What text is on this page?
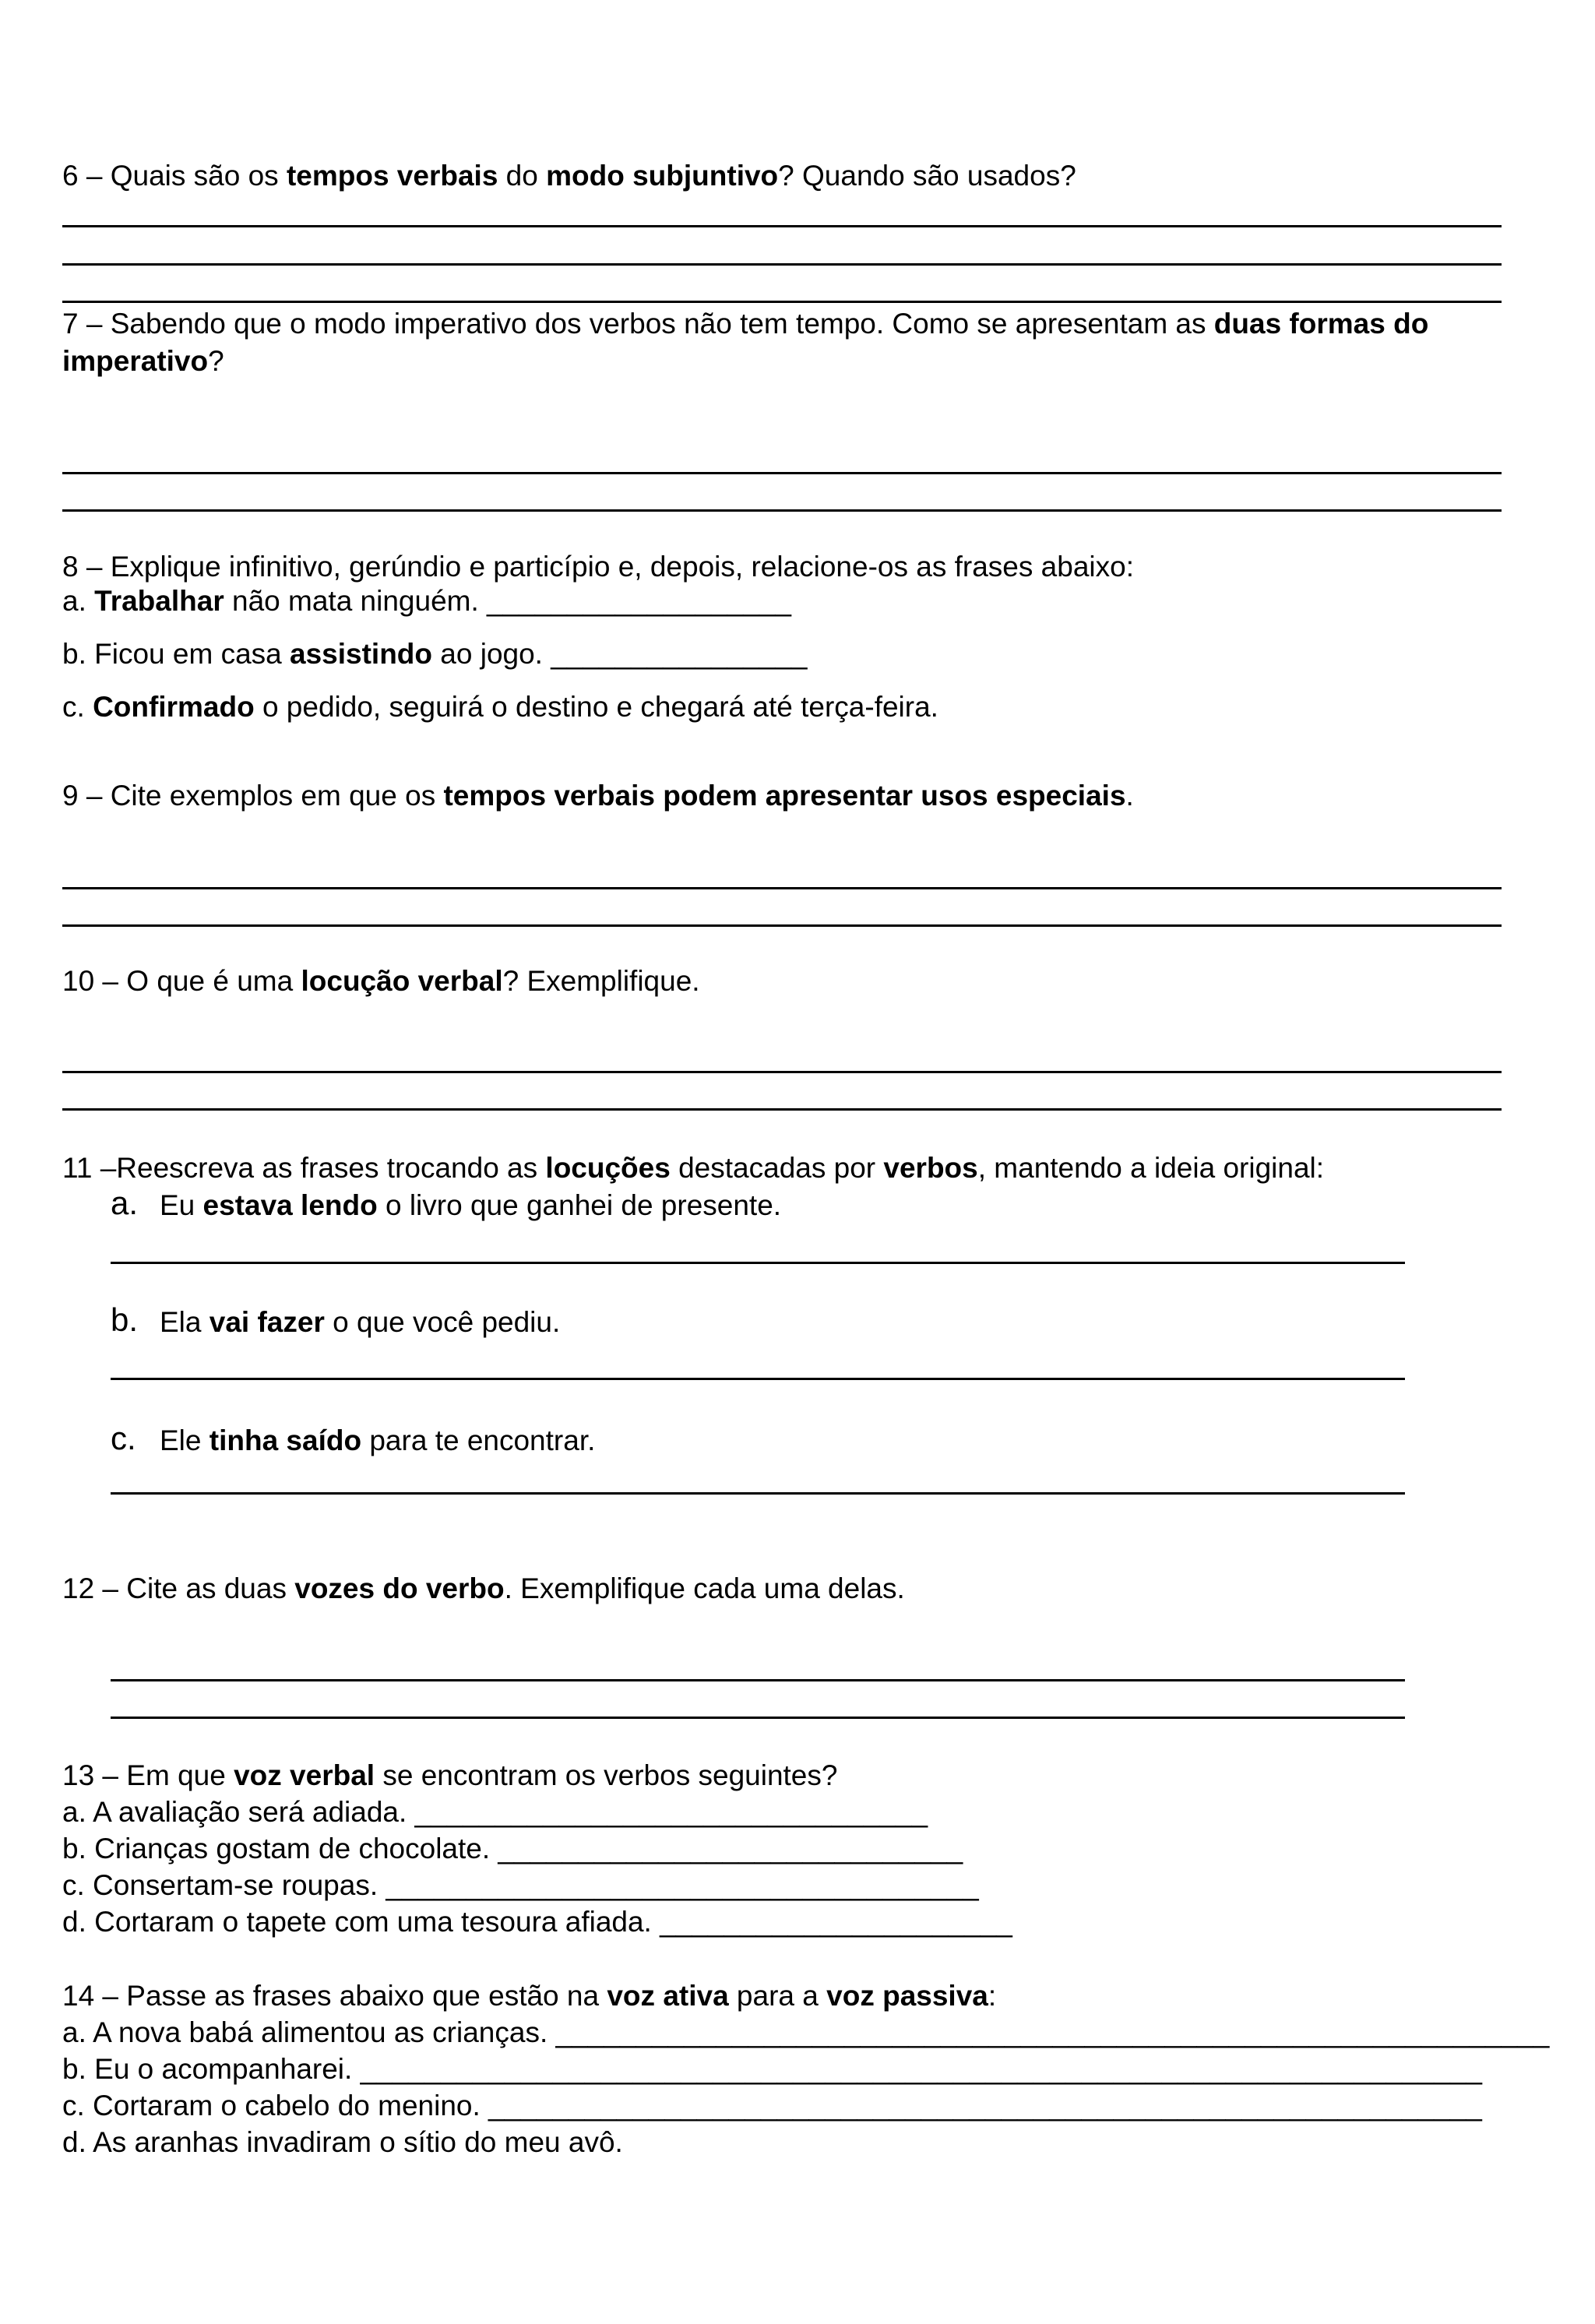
6 – Quais são os tempos verbais do modo subjuntivo? Quando são usados?

7 – Sabendo que o modo imperativo dos verbos não tem tempo. Como se apresentam as duas formas do

imperativo?

8 – Explique infinitivo, gerúndio e particípio e, depois, relacione-os as frases abaixo:

a. Trabalhar não mata ninguém. ___________________

b. Ficou em casa assistindo ao jogo. ________________

c. Confirmado o pedido, seguirá o destino e chegará até terça-feira.

9 – Cite exemplos em que os tempos verbais podem apresentar usos especiais.

10 – O que é uma locução verbal? Exemplifique.

11 –Reescreva as frases trocando as locuções destacadas por verbos, mantendo a ideia original:

a. Eu estava lendo o livro que ganhei de presente.

b. Ela vai fazer o que você pediu.

c. Ele tinha saído para te encontrar.

12 – Cite as duas vozes do verbo. Exemplifique cada uma delas.

13 – Em que voz verbal se encontram os verbos seguintes?

a. A avaliação será adiada. ________________________________

b. Crianças gostam de chocolate. _____________________________

c. Consertam-se roupas. _____________________________________

d. Cortaram o tapete com uma tesoura afiada. ______________________

14 – Passe as frases abaixo que estão na voz ativa para a voz passiva:

a. A nova babá alimentou as crianças. ______________________________________________________________

b. Eu o acompanharei. ______________________________________________________________________

c. Cortaram o cabelo do menino. ______________________________________________________________

d. As aranhas invadiram o sítio do meu avô.
